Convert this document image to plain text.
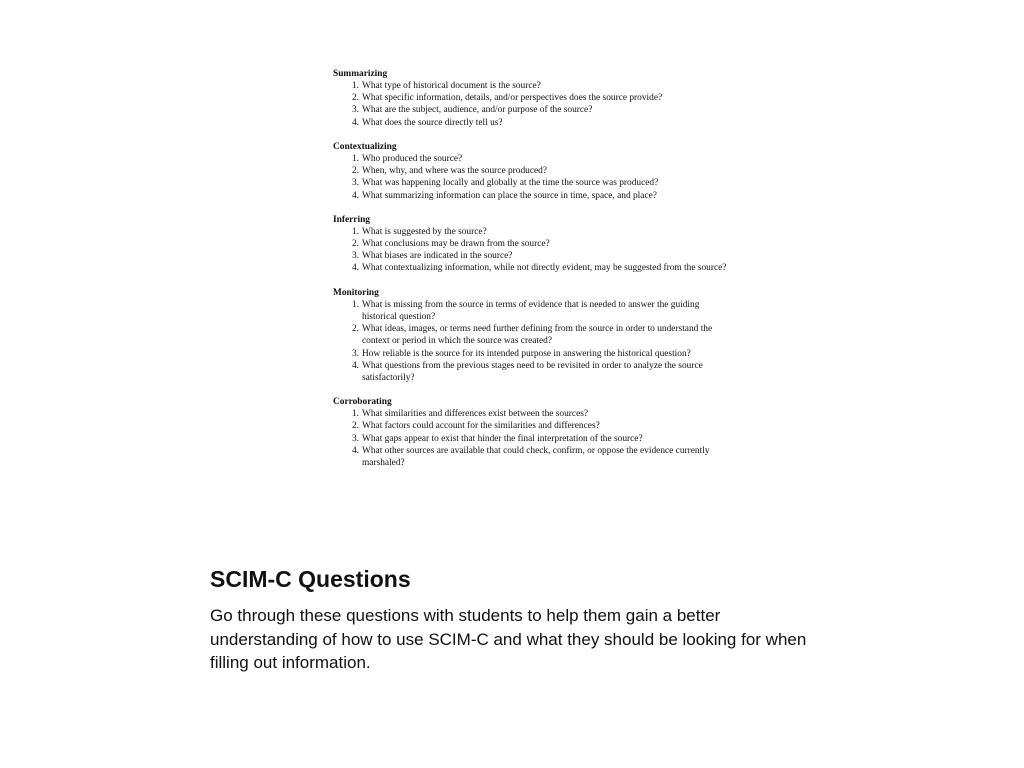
Summarizing
1. What type of historical document is the source?
2. What specific information, details, and/or perspectives does the source provide?
3. What are the subject, audience, and/or purpose of the source?
4. What does the source directly tell us?
Contextualizing
1. Who produced the source?
2. When, why, and where was the source produced?
3. What was happening locally and globally at the time the source was produced?
4. What summarizing information can place the source in time, space, and place?
Inferring
1. What is suggested by the source?
2. What conclusions may be drawn from the source?
3. What biases are indicated in the source?
4. What contextualizing information, while not directly evident, may be suggested from the source?
Monitoring
1. What is missing from the source in terms of evidence that is needed to answer the guiding historical question?
2. What ideas, images, or terms need further defining from the source in order to understand the context or period in which the source was created?
3. How reliable is the source for its intended purpose in answering the historical question?
4. What questions from the previous stages need to be revisited in order to analyze the source satisfactorily?
Corroborating
1. What similarities and differences exist between the sources?
2. What factors could account for the similarities and differences?
3. What gaps appear to exist that hinder the final interpretation of the source?
4. What other sources are available that could check, confirm, or oppose the evidence currently marshaled?
SCIM-C Questions

Go through these questions with students to help them gain a better understanding of how to use SCIM-C and what they should be looking for when filling out information.
